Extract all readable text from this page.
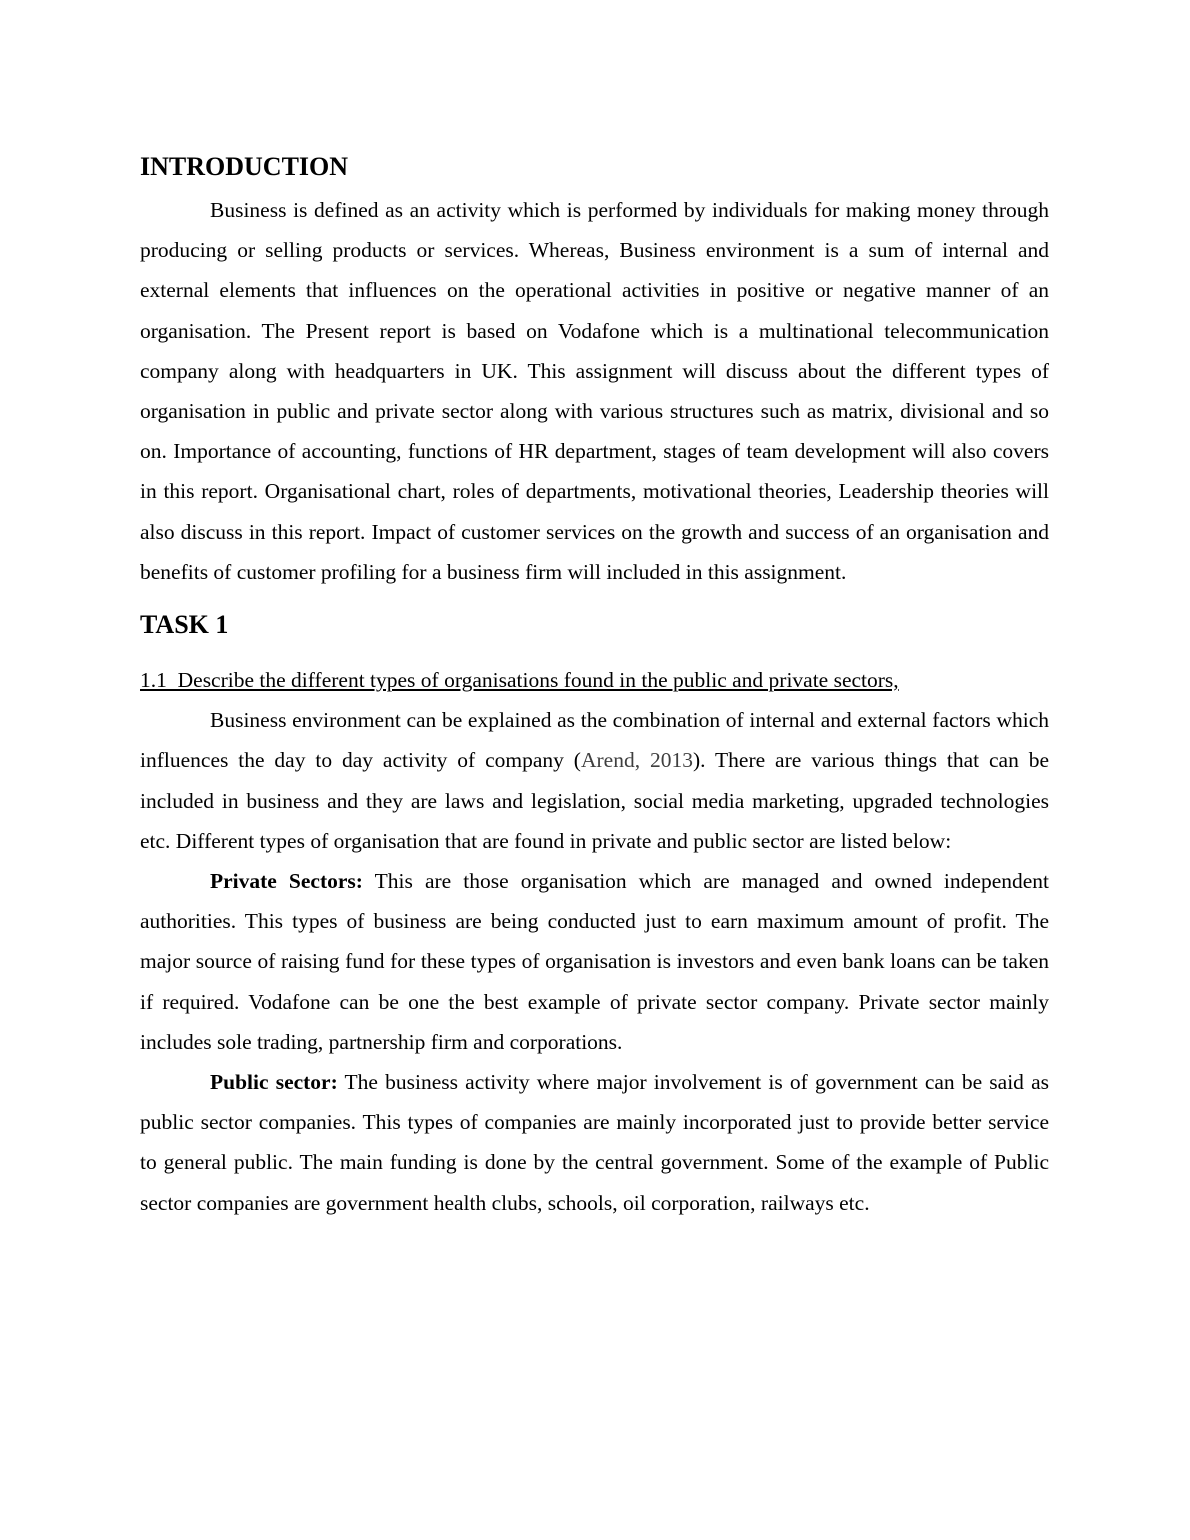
INTRODUCTION

Business is defined as an activity which is performed by individuals for making money through producing or selling products or services. Whereas, Business environment is a sum of internal and external elements that influences on the operational activities in positive or negative manner of an organisation. The Present report is based on Vodafone which is a multinational telecommunication company along with headquarters in UK. This assignment will discuss about the different types of organisation in public and private sector along with various structures such as matrix, divisional and so on. Importance of accounting, functions of HR department, stages of team development will also covers in this report. Organisational chart, roles of departments, motivational theories, Leadership theories will also discuss in this report. Impact of customer services on the growth and success of an organisation and benefits of customer profiling for a business firm will included in this assignment.

TASK 1

1.1  Describe the different types of organisations found in the public and private sectors,

Business environment can be explained as the combination of internal and external factors which influences the day to day activity of company (Arend, 2013). There are various things that can be included in business and they are laws and legislation, social media marketing, upgraded technologies etc. Different types of organisation that are found in private and public sector are listed below:

Private Sectors: This are those organisation which are managed and owned independent authorities. This types of business are being conducted just to earn maximum amount of profit. The major source of raising fund for these types of organisation is investors and even bank loans can be taken if required. Vodafone can be one the best example of private sector company. Private sector mainly includes sole trading, partnership firm and corporations.

Public sector: The business activity where major involvement is of government can be said as public sector companies. This types of companies are mainly incorporated just to provide better service to general public. The main funding is done by the central government. Some of the example of Public sector companies are government health clubs, schools, oil corporation, railways etc.
